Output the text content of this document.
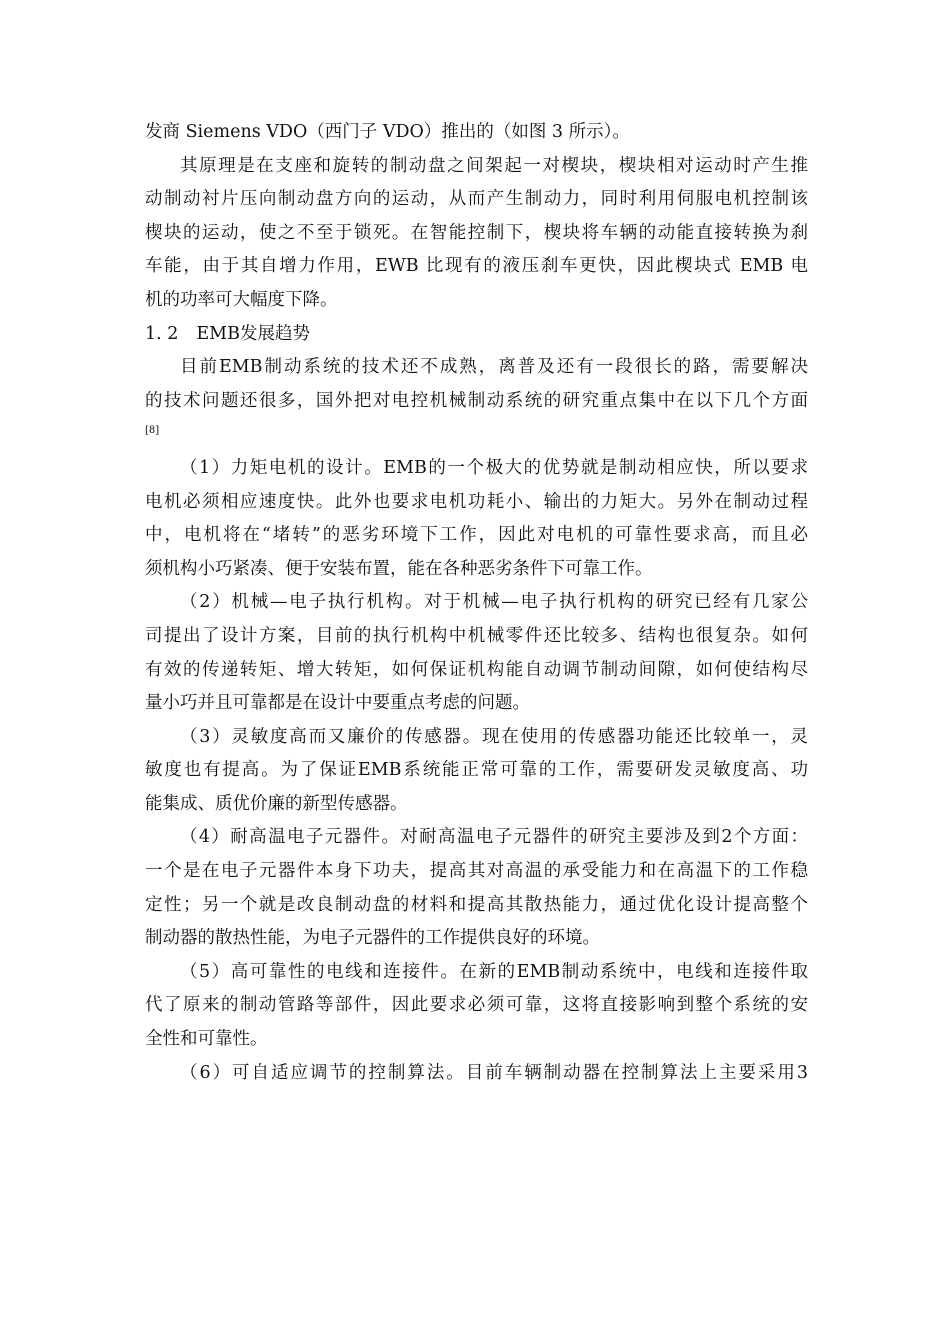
发商 Siemens VDO（西门子 VDO）推出的（如图 3 所示）。
其原理是在支座和旋转的制动盘之间架起一对楔块，楔块相对运动时产生推
动制动衬片压向制动盘方向的运动，从而产生制动力，同时利用伺服电机控制该
楔块的运动，使之不至于锁死。在智能控制下，楔块将车辆的动能直接转换为刹
车能，由于其自增力作用，EWB 比现有的液压刹车更快，因此楔块式 EMB 电
机的功率可大幅度下降。
1. 2 EMB发展趋势
目前EMB制动系统的技术还不成熟，离普及还有一段很长的路，需要解决
的技术问题还很多，国外把对电控机械制动系统的研究重点集中在以下几个方面
[8]
（1）力矩电机的设计。EMB的一个极大的优势就是制动相应快，所以要求
电机必须相应速度快。此外也要求电机功耗小、输出的力矩大。另外在制动过程
中，电机将在“堵转”的恶劣环境下工作，因此对电机的可靠性要求高，而且必
须机构小巧紧凑、便于安装布置，能在各种恶劣条件下可靠工作。
（2）机械—电子执行机构。对于机械—电子执行机构的研究已经有几家公
司提出了设计方案，目前的执行机构中机械零件还比较多、结构也很复杂。如何
有效的传递转矩、增大转矩，如何保证机构能自动调节制动间隙，如何使结构尽
量小巧并且可靠都是在设计中要重点考虑的问题。
（3）灵敏度高而又廉价的传感器。现在使用的传感器功能还比较单一，灵
敏度也有提高。为了保证EMB系统能正常可靠的工作，需要研发灵敏度高、功
能集成、质优价廉的新型传感器。
（4）耐高温电子元器件。对耐高温电子元器件的研究主要涉及到2个方面：
一个是在电子元器件本身下功夫，提高其对高温的承受能力和在高温下的工作稳
定性；另一个就是改良制动盘的材料和提高其散热能力，通过优化设计提高整个
制动器的散热性能，为电子元器件的工作提供良好的环境。
（5）高可靠性的电线和连接件。在新的EMB制动系统中，电线和连接件取
代了原来的制动管路等部件，因此要求必须可靠，这将直接影响到整个系统的安
全性和可靠性。
（6）可自适应调节的控制算法。目前车辆制动器在控制算法上主要采用3
